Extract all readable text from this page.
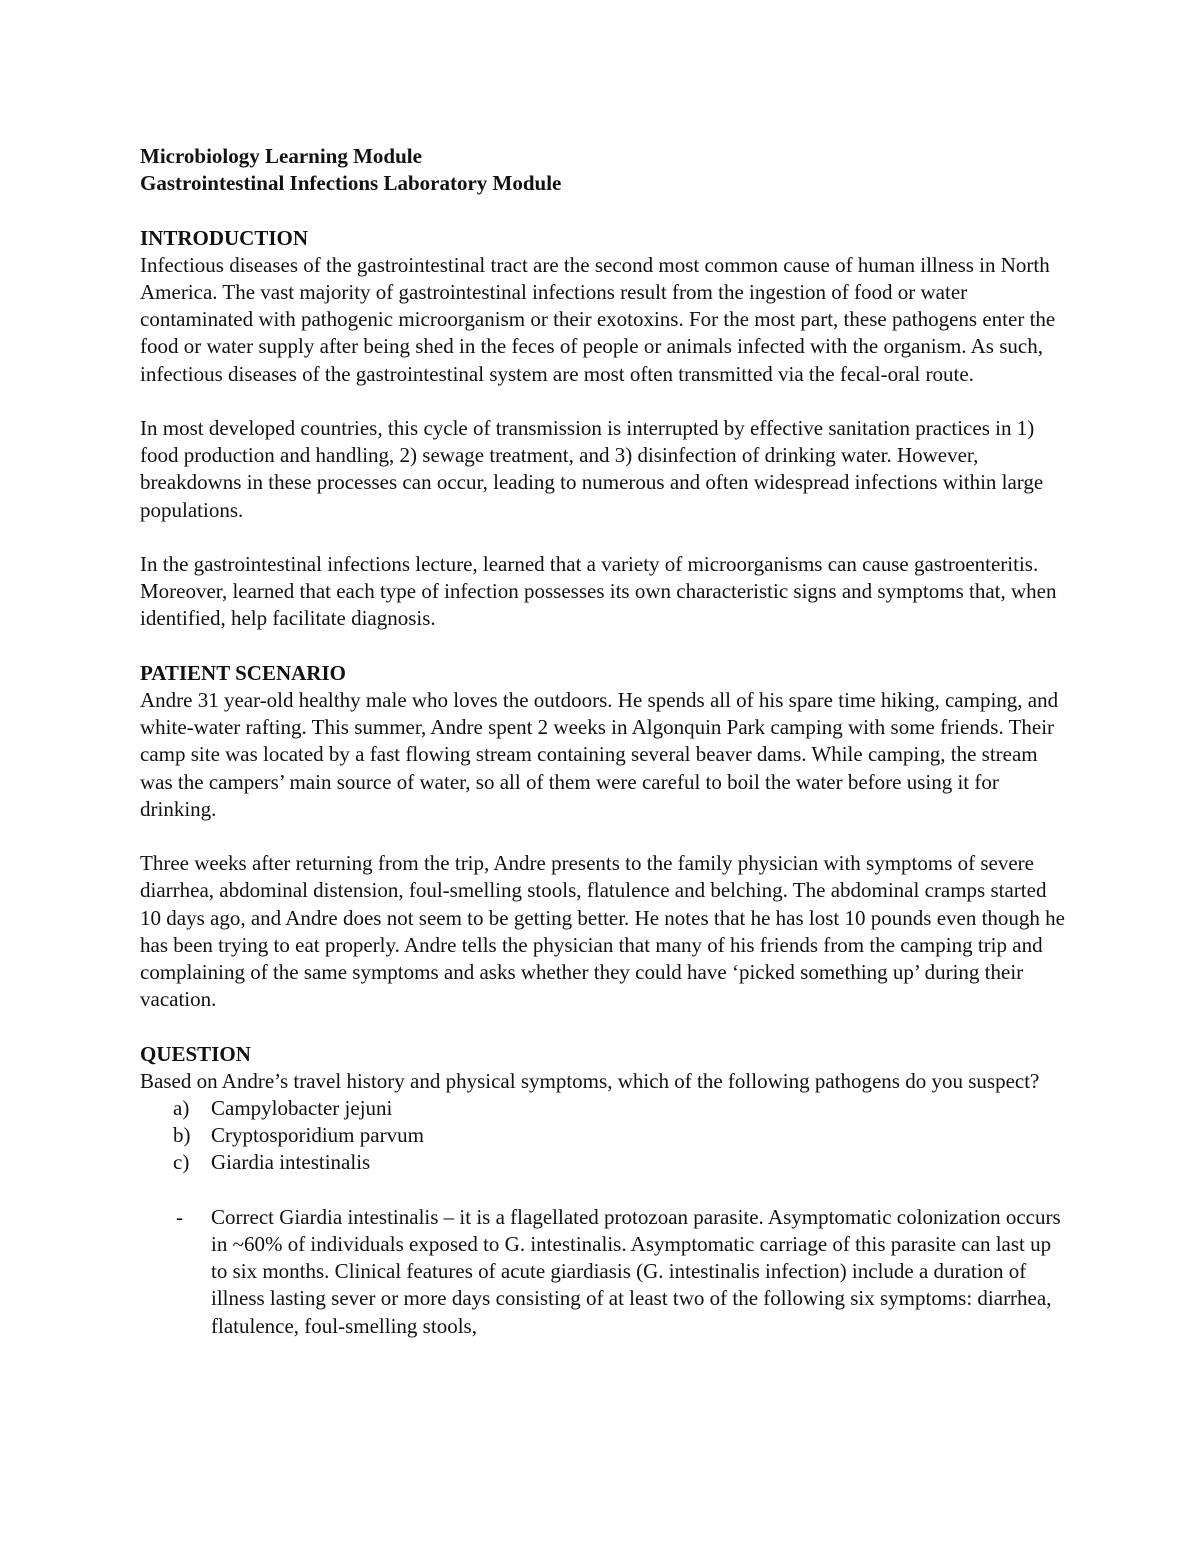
Microbiology Learning Module

Gastrointestinal Infections Laboratory Module

INTRODUCTION

Infectious diseases of the gastrointestinal tract are the second most common cause of human illness in North America. The vast majority of gastrointestinal infections result from the ingestion of food or water contaminated with pathogenic microorganism or their exotoxins. For the most part, these pathogens enter the food or water supply after being shed in the feces of people or animals infected with the organism. As such, infectious diseases of the gastrointestinal system are most often transmitted via the fecal-oral route.

In most developed countries, this cycle of transmission is interrupted by effective sanitation practices in 1) food production and handling, 2) sewage treatment, and 3) disinfection of drinking water. However, breakdowns in these processes can occur, leading to numerous and often widespread infections within large populations.

In the gastrointestinal infections lecture, learned that a variety of microorganisms can cause gastroenteritis. Moreover, learned that each type of infection possesses its own characteristic signs and symptoms that, when identified, help facilitate diagnosis.

PATIENT SCENARIO

Andre 31 year-old healthy male who loves the outdoors. He spends all of his spare time hiking, camping, and white-water rafting. This summer, Andre spent 2 weeks in Algonquin Park camping with some friends. Their camp site was located by a fast flowing stream containing several beaver dams. While camping, the stream was the campers’ main source of water, so all of them were careful to boil the water before using it for drinking.

Three weeks after returning from the trip, Andre presents to the family physician with symptoms of severe diarrhea, abdominal distension, foul-smelling stools, flatulence and belching. The abdominal cramps started 10 days ago, and Andre does not seem to be getting better. He notes that he has lost 10 pounds even though he has been trying to eat properly. Andre tells the physician that many of his friends from the camping trip and complaining of the same symptoms and asks whether they could have ‘picked something up’ during their vacation.

QUESTION

Based on Andre’s travel history and physical symptoms, which of the following pathogens do you suspect?

a)	Campylobacter jejuni
b) Cryptosporidium parvum
c)	Giardia intestinalis
-	Correct Giardia intestinalis – it is a flagellated protozoan parasite. Asymptomatic colonization occurs in ~60% of individuals exposed to G. intestinalis. Asymptomatic carriage of this parasite can last up to six months. Clinical features of acute giardiasis (G. intestinalis infection) include a duration of illness lasting sever or more days consisting of at least two of the following six symptoms: diarrhea, flatulence, foul-smelling stools,
